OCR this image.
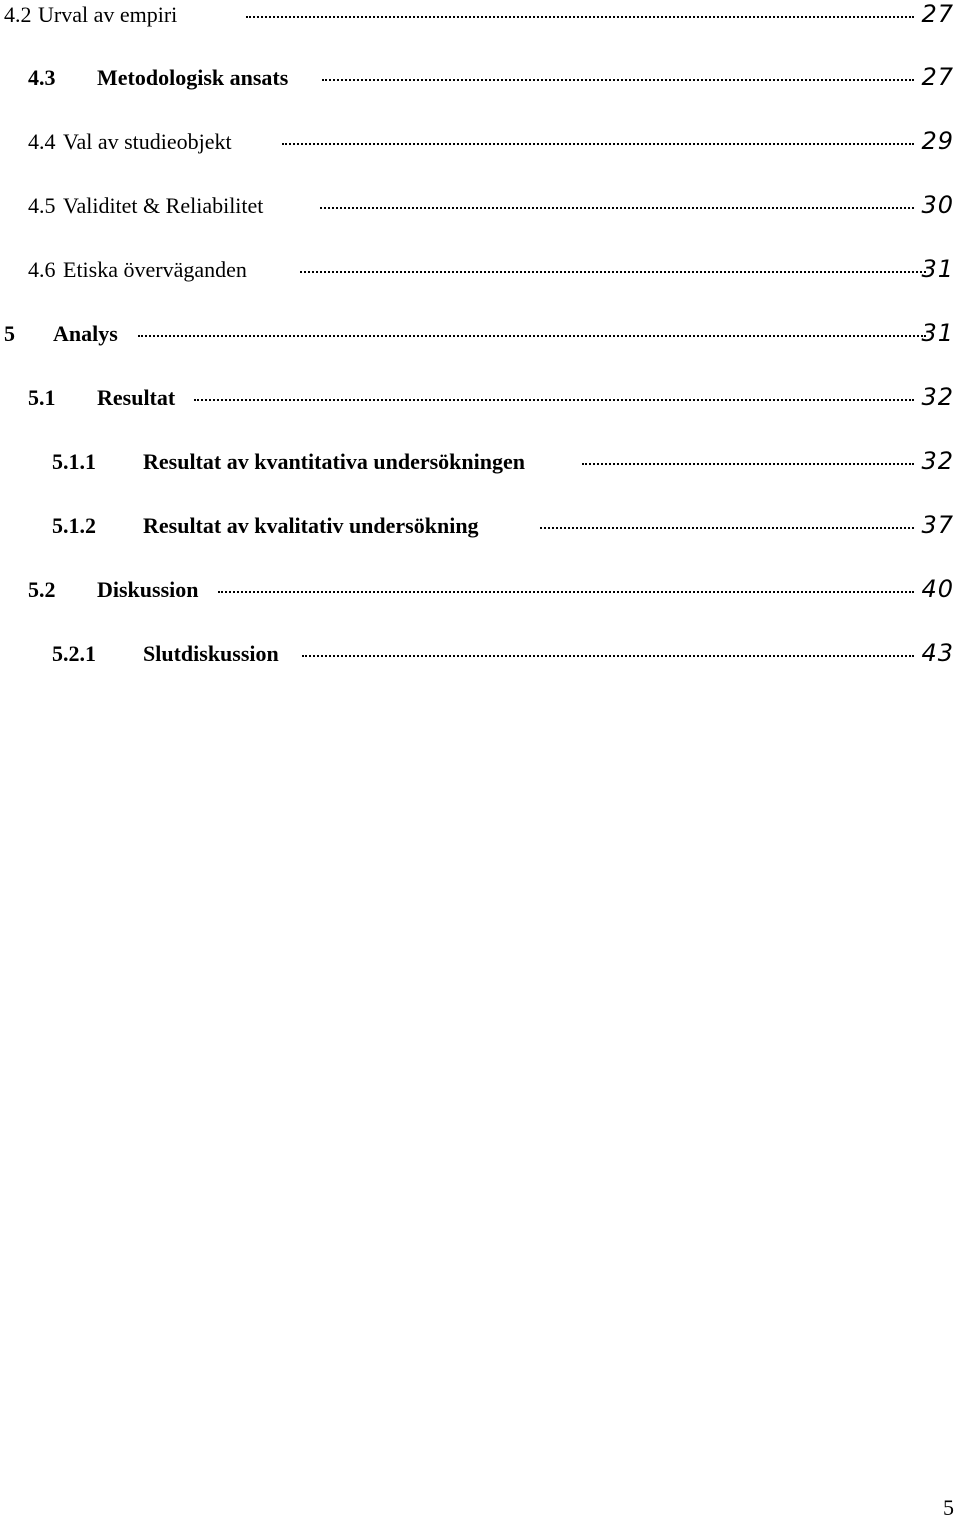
4.2 Urval av empiri	27
4.3 Metodologisk ansats	27
4.4 Val av studieobjekt	29
4.5 Validitet & Reliabilitet	30
4.6 Etiska överväganden	31
5 Analys	31
5.1 Resultat	32
5.1.1 Resultat av kvantitativa undersökningen	32
5.1.2 Resultat av kvalitativ undersökning	37
5.2 Diskussion	40
5.2.1 Slutdiskussion	43
5
